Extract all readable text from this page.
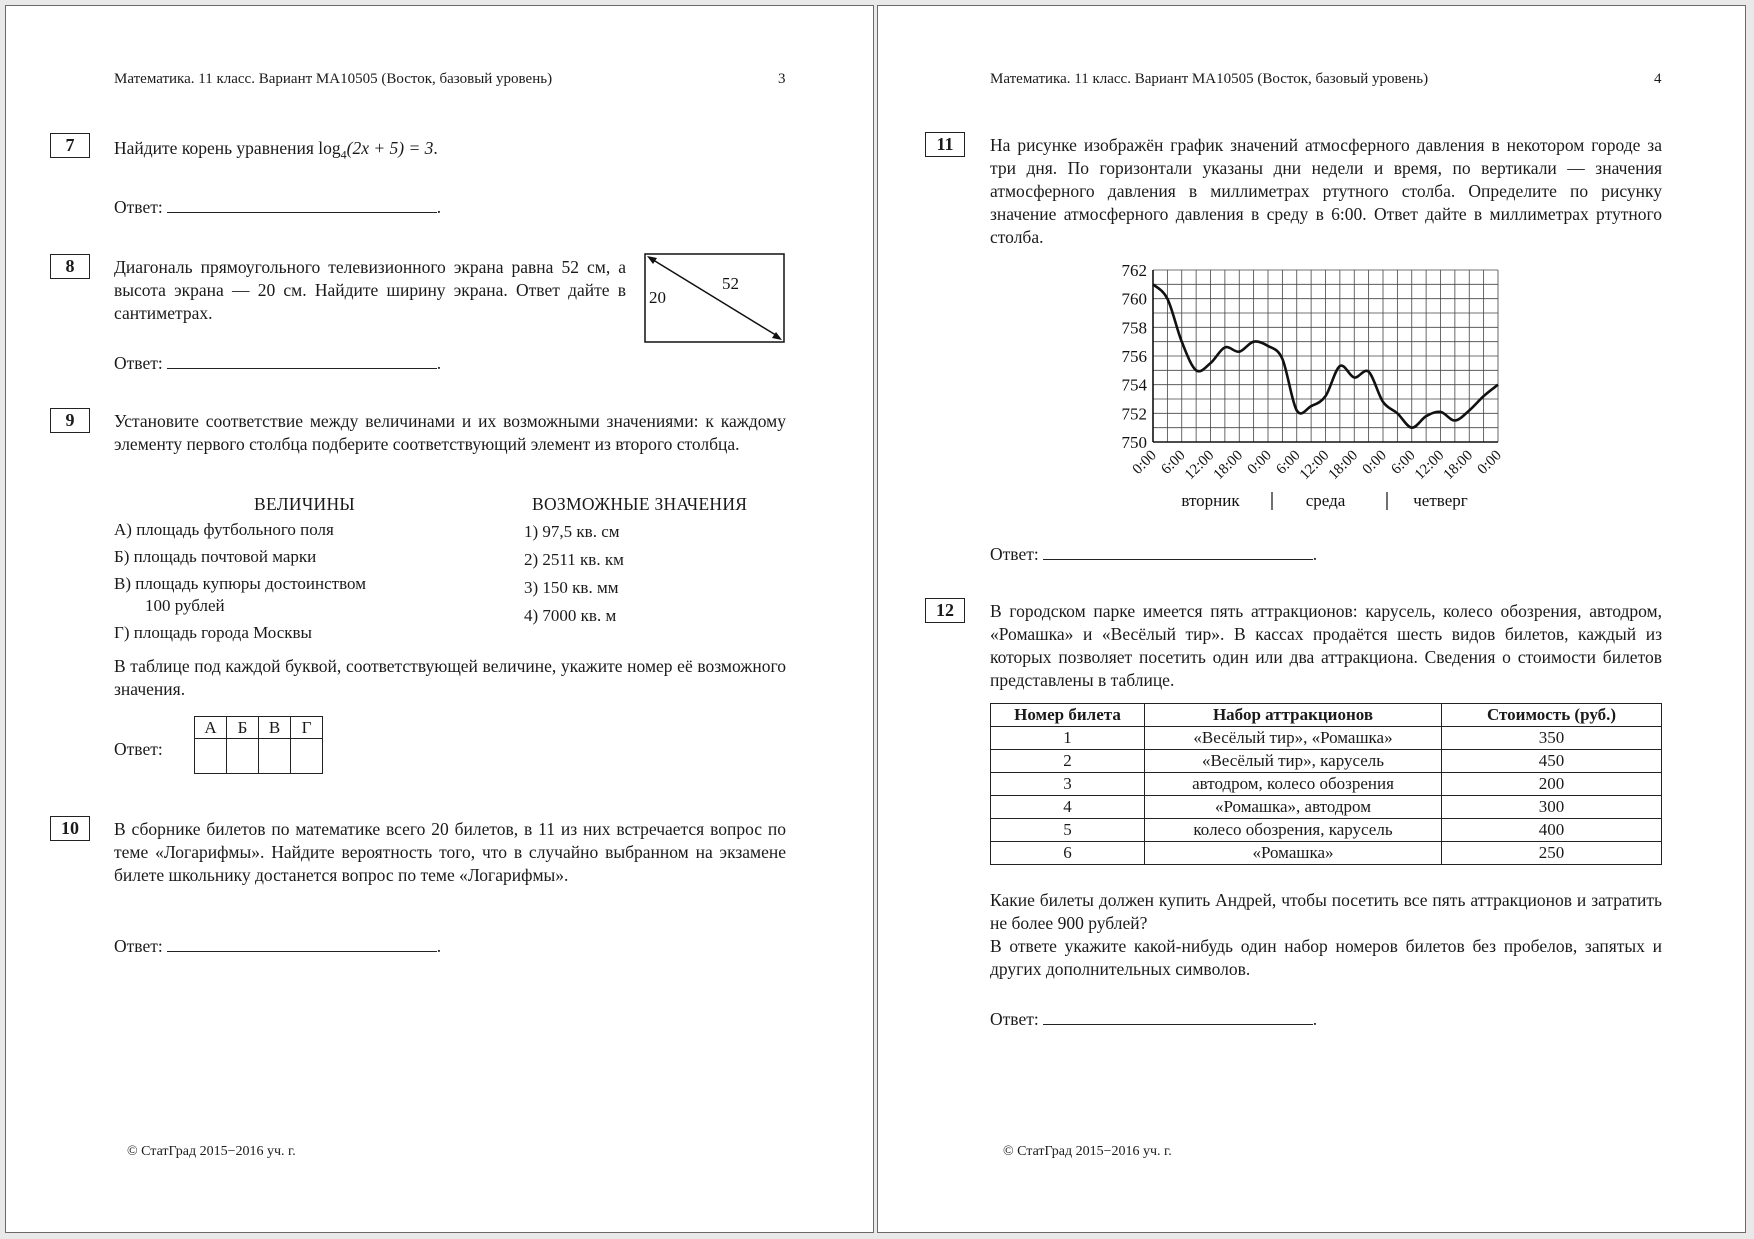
Математика. 11 класс. Вариант МА10505 (Восток, базовый уровень)	3
7	Найдите корень уравнения $\log_4(2x + 5) = 3$.
Ответ:	.
8	Диагональ прямоугольного телевизионного экрана равна 52 см, а высота экрана — 20 см. Найдите ширину экрана. Ответ дайте в сантиметрах.
52
20
Ответ:	.
9	Установите соответствие между величинами и их возможными значениями: к каждому элементу первого столбца подберите соответствующий элемент из второго столбца.
ВЕЛИЧИНЫ	ВОЗМОЖНЫЕ ЗНАЧЕНИЯ
А) площадь футбольного поля
Б) площадь почтовой марки
В) площадь купюры достоинством
100 рублей
Г) площадь города Москвы
1) 97,5 кв. см
2) 2511 кв. км
3) 150 кв. мм
4) 7000 кв. м
В таблице под каждой буквой, соответствующей величине, укажите номер её возможного значения.
Ответ:
А	Б	В	Г

10	В сборнике билетов по математике всего 20 билетов, в 11 из них встречается вопрос по теме «Логарифмы». Найдите вероятность того, что в случайно выбранном на экзамене билете школьнику достанется вопрос по теме «Логарифмы».
Ответ:	.
© СтатГрад 2015−2016 уч. г.
Математика. 11 класс. Вариант МА10505 (Восток, базовый уровень)	4
11	На рисунке изображён график значений атмосферного давления в некотором городе за три дня. По горизонтали указаны дни недели и время, по вертикали — значения атмосферного давления в миллиметрах ртутного столба. Определите по рисунку значение атмосферного давления в среду в 6:00. Ответ дайте в миллиметрах ртутного столба.
750
752
754
756
758
760
762
0:00
6:00
12:00
18:00
0:00
6:00
12:00
18:00
0:00
6:00
12:00
18:00
0:00
вторник	среда	четверг
Ответ:	.
12	В городском парке имеется пять аттракционов: карусель, колесо обозрения, автодром, «Ромашка» и «Весёлый тир». В кассах продаётся шесть видов билетов, каждый из которых позволяет посетить один или два аттракциона. Сведения о стоимости билетов представлены в таблице.
Номер билета	Набор аттракционов	Стоимость (руб.)
1	«Весёлый тир», «Ромашка»	350
2	«Весёлый тир», карусель	450
3	автодром, колесо обозрения	200
4	«Ромашка», автодром	300
5	колесо обозрения, карусель	400
6	«Ромашка»	250
Какие билеты должен купить Андрей, чтобы посетить все пять аттракционов и затратить не более 900 рублей?
В ответе укажите какой-нибудь один набор номеров билетов без пробелов, запятых и других дополнительных символов.
Ответ:	.
© СтатГрад 2015−2016 уч. г.
